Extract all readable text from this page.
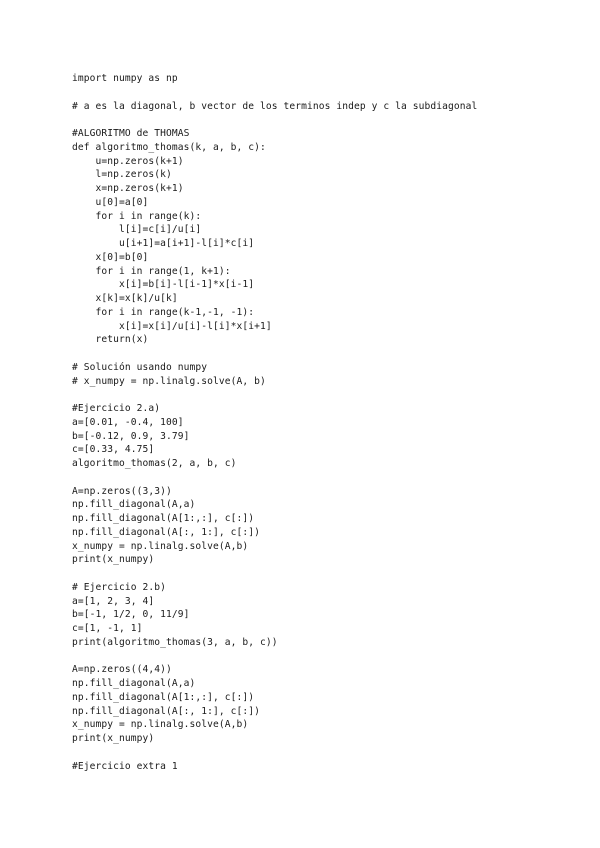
import numpy as np
# a es la diagonal, b vector de los terminos indep y c la subdiagonal
#ALGORITMO de THOMAS
def algoritmo_thomas(k, a, b, c):
u=np.zeros(k+1)
l=np.zeros(k)
x=np.zeros(k+1)
u[0]=a[0]
for i in range(k):
l[i]=c[i]/u[i]
u[i+1]=a[i+1]-l[i]*c[i]
x[0]=b[0]
for i in range(1, k+1):
x[i]=b[i]-l[i-1]*x[i-1]
x[k]=x[k]/u[k]
for i in range(k-1,-1, -1):
x[i]=x[i]/u[i]-l[i]*x[i+1]
return(x)
# Solución usando numpy
# x_numpy = np.linalg.solve(A, b)
#Ejercicio 2.a)
a=[0.01, -0.4, 100]
b=[-0.12, 0.9, 3.79]
c=[0.33, 4.75]
algoritmo_thomas(2, a, b, c)
A=np.zeros((3,3))
np.fill_diagonal(A,a)
np.fill_diagonal(A[1:,:], c[:])
np.fill_diagonal(A[:, 1:], c[:])
x_numpy = np.linalg.solve(A,b)
print(x_numpy)
# Ejercicio 2.b)
a=[1, 2, 3, 4]
b=[-1, 1/2, 0, 11/9]
c=[1, -1, 1]
print(algoritmo_thomas(3, a, b, c))
A=np.zeros((4,4))
np.fill_diagonal(A,a)
np.fill_diagonal(A[1:,:], c[:])
np.fill_diagonal(A[:, 1:], c[:])
x_numpy = np.linalg.solve(A,b)
print(x_numpy)
#Ejercicio extra 1
